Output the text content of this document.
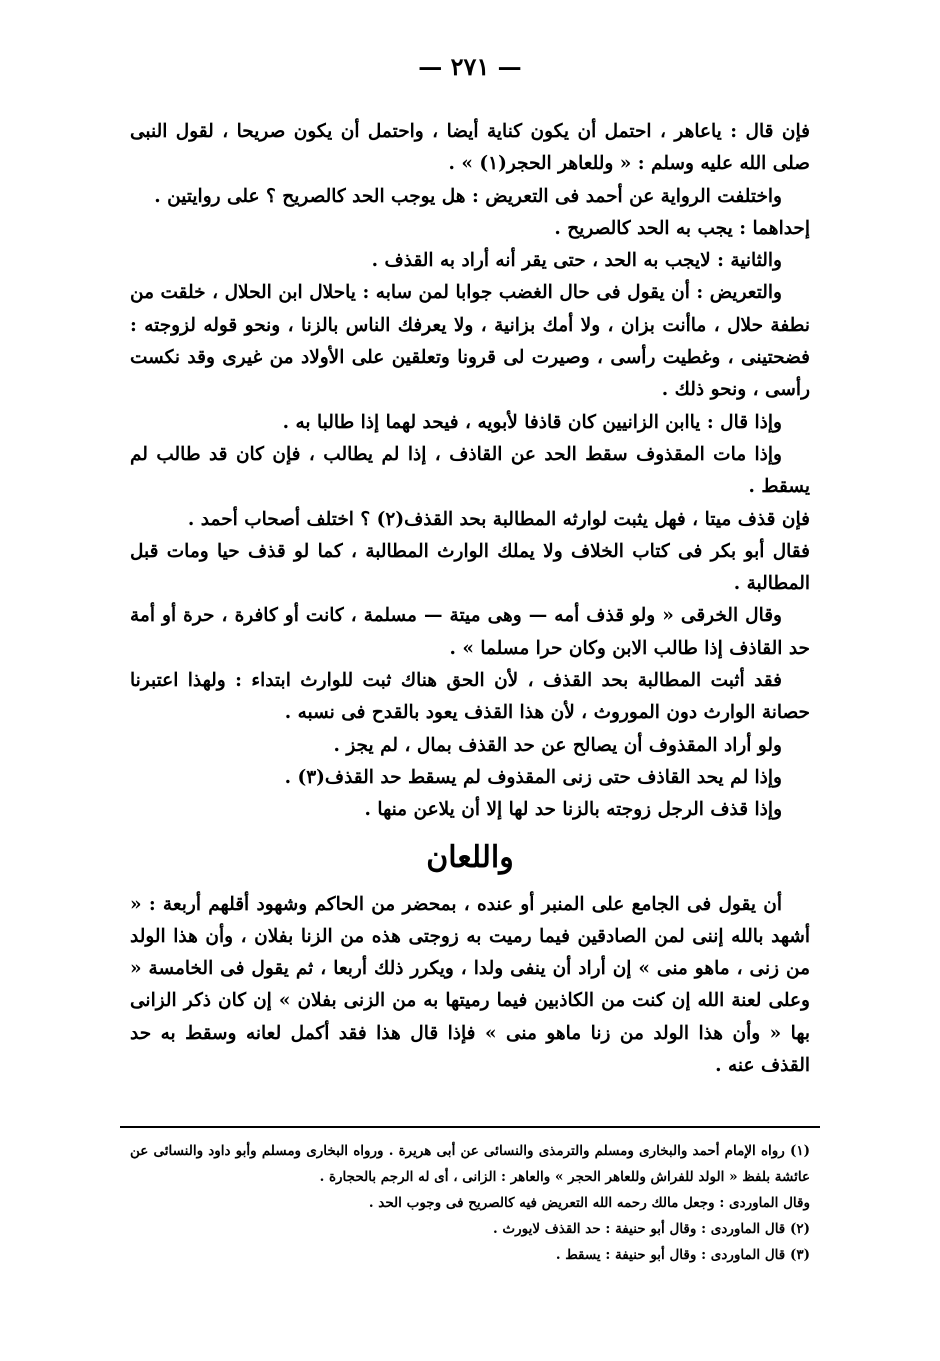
— ٢٧١ —

فإن قال : ياعاهر ، احتمل أن يكون كناية أيضا ، واحتمل أن يكون صريحا ، لقول النبى صلى الله عليه وسلم : « وللعاهر الحجر(١) » .

واختلفت الرواية عن أحمد فى التعريض : هل يوجب الحد كالصريح ؟ على روايتين .

إحداهما : يجب به الحد كالصريح .

والثانية : لايجب به الحد ، حتى يقر أنه أراد به القذف .

والتعريض : أن يقول فى حال الغضب جوابا لمن سابه : ياحلال ابن الحلال ، خلقت من نطفة حلال ، ماأنت بزان ، ولا أمك بزانية ، ولا يعرفك الناس بالزنا ، ونحو قوله لزوجته : فضحتينى ، وغطيت رأسى ، وصيرت لى قرونا وتعلقين على الأولاد من غيرى وقد نكست رأسى ، ونحو ذلك .

وإذا قال : ياابن الزانيين كان قاذفا لأبويه ، فيحد لهما إذا طالبا به .

وإذا مات المقذوف سقط الحد عن القاذف ، إذا لم يطالب ، فإن كان قد طالب لم يسقط .

فإن قذف ميتا ، فهل يثبت لوارثه المطالبة بحد القذف(٢) ؟ اختلف أصحاب أحمد .

فقال أبو بكر فى كتاب الخلاف ولا يملك الوارث المطالبة ، كما لو قذف حيا ومات قبل المطالبة .

وقال الخرقى « ولو قذف أمه — وهى ميتة — مسلمة ، كانت أو كافرة ، حرة أو أمة حد القاذف إذا طالب الابن وكان حرا مسلما » .

فقد أثبت المطالبة بحد القذف ، لأن الحق هناك ثبت للوارث ابتداء : ولهذا اعتبرنا حصانة الوارث دون الموروث ، لأن هذا القذف يعود بالقدح فى نسبه .

ولو أراد المقذوف أن يصالح عن حد القذف بمال ، لم يجز .

وإذا لم يحد القاذف حتى زنى المقذوف لم يسقط حد القذف(٣) .

وإذا قذف الرجل زوجته بالزنا حد لها إلا أن يلاعن منها .

واللعان

أن يقول فى الجامع على المنبر أو عنده ، بمحضر من الحاكم وشهود أقلهم أربعة : « أشهد بالله إننى لمن الصادقين فيما رميت به زوجتى هذه من الزنا بفلان ، وأن هذا الولد من زنى ، ماهو منى » إن أراد أن ينفى ولدا ، ويكرر ذلك أربعا ، ثم يقول فى الخامسة « وعلى لعنة الله إن كنت من الكاذبين فيما رميتها به من الزنى بفلان » إن كان ذكر الزانى بها « وأن هذا الولد من زنا ماهو منى » فإذا قال هذا فقد أكمل لعانه وسقط به حد القذف عنه .

(١) رواه الإمام أحمد والبخارى ومسلم والترمذى والنسائى عن أبى هريرة . ورواه البخارى ومسلم وأبو داود والنسائى عن عائشة بلفظ « الولد للفراش وللعاهر الحجر » والعاهر : الزانى ، أى له الرجم بالحجارة .

وقال الماوردى : وجعل مالك رحمه الله التعريض فيه كالصريح فى وجوب الحد .

(٢) قال الماوردى : وقال أبو حنيفة : حد القذف لايورث .

(٣) قال الماوردى : وقال أبو حنيفة : يسقط .
